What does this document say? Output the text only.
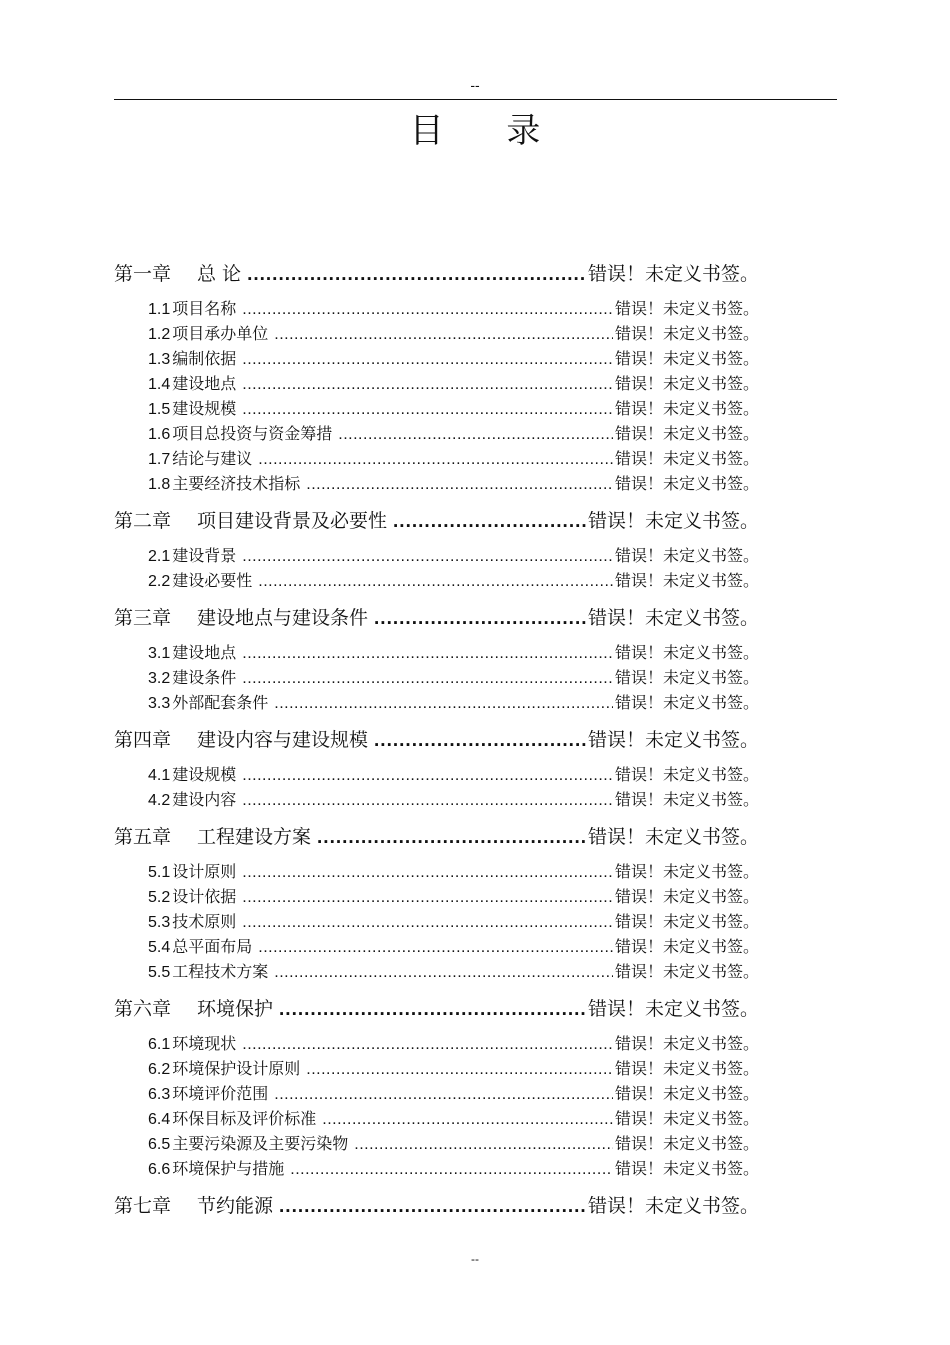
--
目 录
第一章 总 论 .....	错误！未定义书签。
1.1 项目名称 .....	错误！未定义书签。
1.2 项目承办单位 .....	错误！未定义书签。
1.3 编制依据 .....	错误！未定义书签。
1.4 建设地点 .....	错误！未定义书签。
1.5 建设规模 .....	错误！未定义书签。
1.6 项目总投资与资金筹措 .....	错误！未定义书签。
1.7 结论与建议 .....	错误！未定义书签。
1.8 主要经济技术指标 .....	错误！未定义书签。
第二章 项目建设背景及必要性 .....	错误！未定义书签。
2.1 建设背景 .....	错误！未定义书签。
2.2 建设必要性 .....	错误！未定义书签。
第三章 建设地点与建设条件 .....	错误！未定义书签。
3.1 建设地点 .....	错误！未定义书签。
3.2 建设条件 .....	错误！未定义书签。
3.3 外部配套条件 .....	错误！未定义书签。
第四章 建设内容与建设规模 .....	错误！未定义书签。
4.1 建设规模 .....	错误！未定义书签。
4.2 建设内容 .....	错误！未定义书签。
第五章 工程建设方案 .....	错误！未定义书签。
5.1 设计原则 .....	错误！未定义书签。
5.2 设计依据 .....	错误！未定义书签。
5.3 技术原则 .....	错误！未定义书签。
5.4 总平面布局 .....	错误！未定义书签。
5.5 工程技术方案 .....	错误！未定义书签。
第六章 环境保护 .....	错误！未定义书签。
6.1 环境现状 .....	错误！未定义书签。
6.2 环境保护设计原则 .....	错误！未定义书签。
6.3 环境评价范围 .....	错误！未定义书签。
6.4 环保目标及评价标准 .....	错误！未定义书签。
6.5 主要污染源及主要污染物 .....	错误！未定义书签。
6.6 环境保护与措施 .....	错误！未定义书签。
第七章 节约能源 .....	错误！未定义书签。
--
